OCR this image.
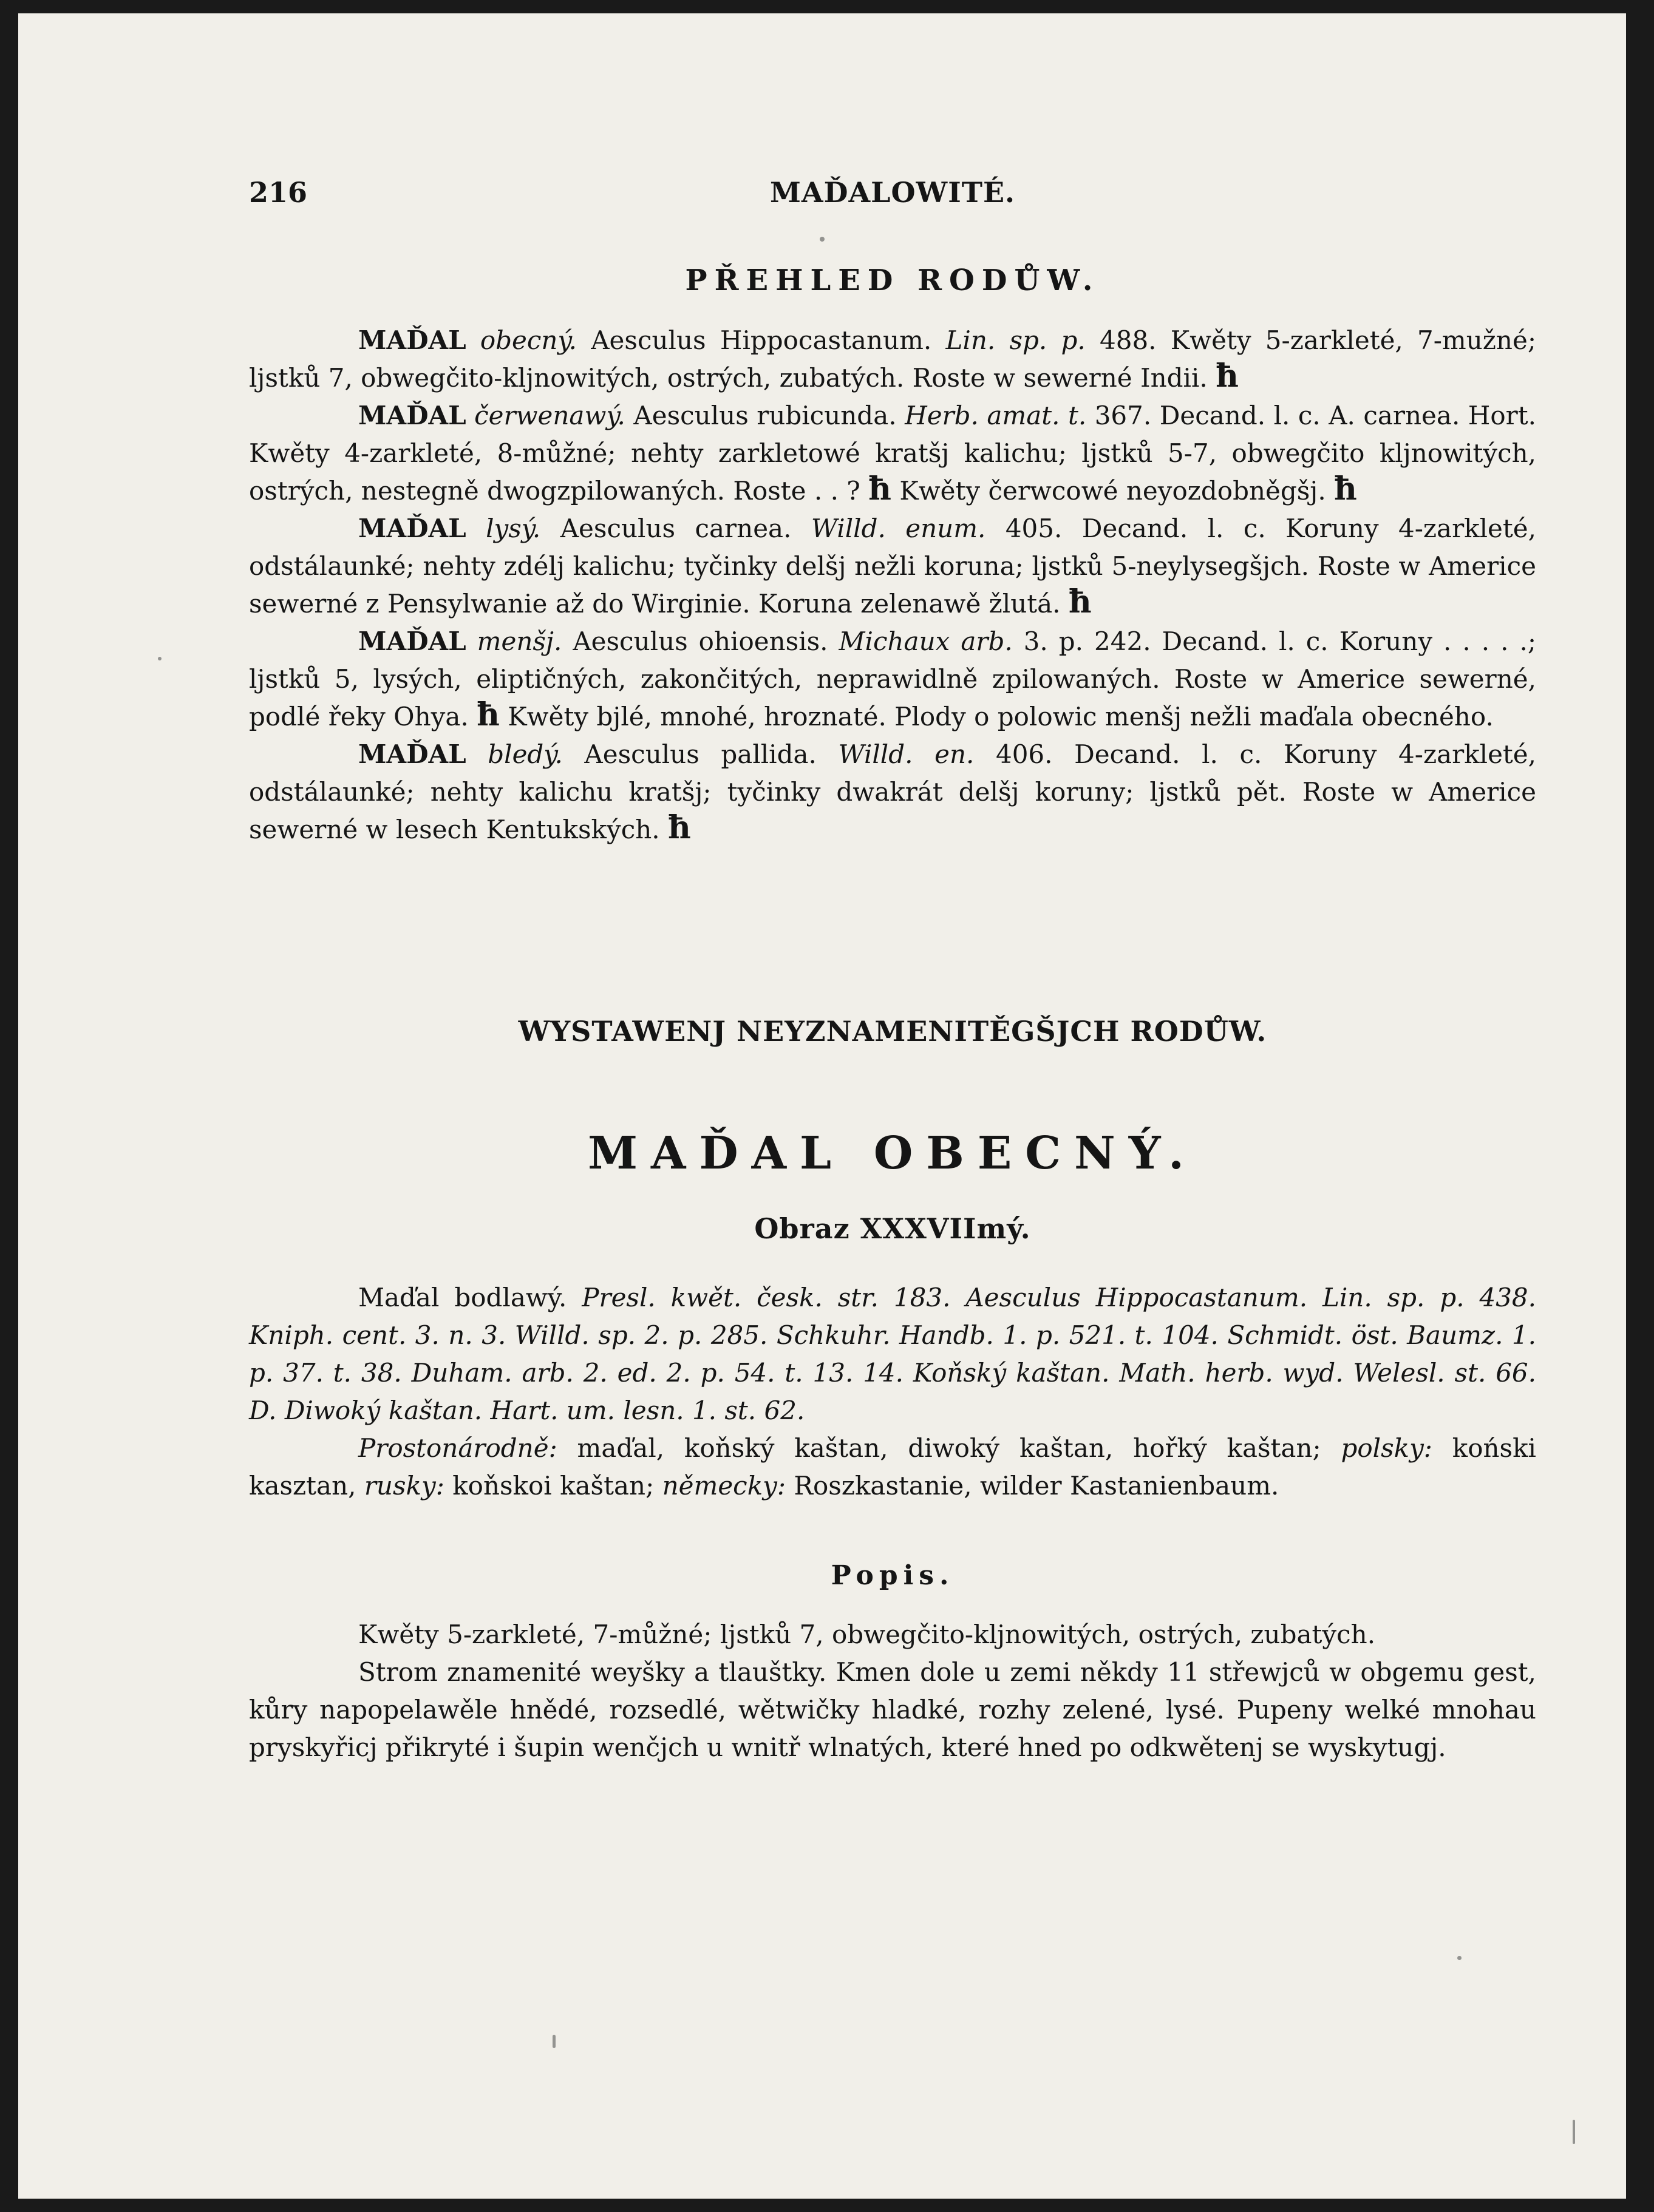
216	MAĎALOWITÉ.
PŘEHLED RODŮW.

MAĎAL obecný. Aesculus Hippocastanum. Lin. sp. p. 488. Kwěty 5-zarkleté, 7-mužné; ljstků 7, obwegčito-kljnowitých, ostrých, zubatých. Roste w sewerné Indii. ħ

MAĎAL čerwenawý. Aesculus rubicunda. Herb. amat. t. 367. Decand. l. c. A. carnea. Hort. Kwěty 4-zarkleté, 8-můžné; nehty zarkletowé kratšj kalichu; ljstků 5-7, obwegčito kljnowitých, ostrých, nestegně dwogzpilowaných. Roste . . ? ħ Kwěty čerwcowé neyozdobněgšj. ħ

MAĎAL lysý. Aesculus carnea. Willd. enum. 405. Decand. l. c. Koruny 4-zarkleté, odstálaunké; nehty zdélj kalichu; tyčinky delšj nežli koruna; ljstků 5-neylysegšjch. Roste w Americe sewerné z Pensylwanie až do Wirginie. Koruna zelenawě žlutá. ħ

MAĎAL menšj. Aesculus ohioensis. Michaux arb. 3. p. 242. Decand. l. c. Koruny . . . . .; ljstků 5, lysých, eliptičných, zakončitých, neprawidlně zpilowaných. Roste w Americe sewerné, podlé řeky Ohya. ħ Kwěty bjlé, mnohé, hroznaté. Plody o polowic menšj nežli maďala obecného.

MAĎAL bledý. Aesculus pallida. Willd. en. 406. Decand. l. c. Koruny 4-zarkleté, odstálaunké; nehty kalichu kratšj; tyčinky dwakrát delšj koruny; ljstků pět. Roste w Americe sewerné w lesech Kentukských. ħ

WYSTAWENJ NEYZNAMENITĚGŠJCH RODŮW.
MAĎAL OBECNÝ.
Obraz XXXVIImý.

Maďal bodlawý. Presl. kwět. česk. str. 183. Aesculus Hippocastanum. Lin. sp. p. 438. Kniph. cent. 3. n. 3. Willd. sp. 2. p. 285. Schkuhr. Handb. 1. p. 521. t. 104. Schmidt. öst. Baumz. 1. p. 37. t. 38. Duham. arb. 2. ed. 2. p. 54. t. 13. 14. Koňský kaštan. Math. herb. wyd. Welesl. st. 66. D. Diwoký kaštan. Hart. um. lesn. 1. st. 62.

Prostonárodně: maďal, koňský kaštan, diwoký kaštan, hořký kaštan; polsky: koński kasztan, rusky: koňskoi kaštan; německy: Roszkastanie, wilder Kastanienbaum.

Popis.

Kwěty 5-zarkleté, 7-můžné; ljstků 7, obwegčito-kljnowitých, ostrých, zubatých.

Strom znamenité weyšky a tlauštky. Kmen dole u zemi někdy 11 střewjců w obgemu gest, kůry napopelawěle hnědé, rozsedlé, wětwičky hladké, rozhy zelené, lysé. Pupeny welké mnohau pryskyřicj přikryté i šupin wenčjch u wnitř wlnatých, které hned po odkwětenj se wyskytugj.
